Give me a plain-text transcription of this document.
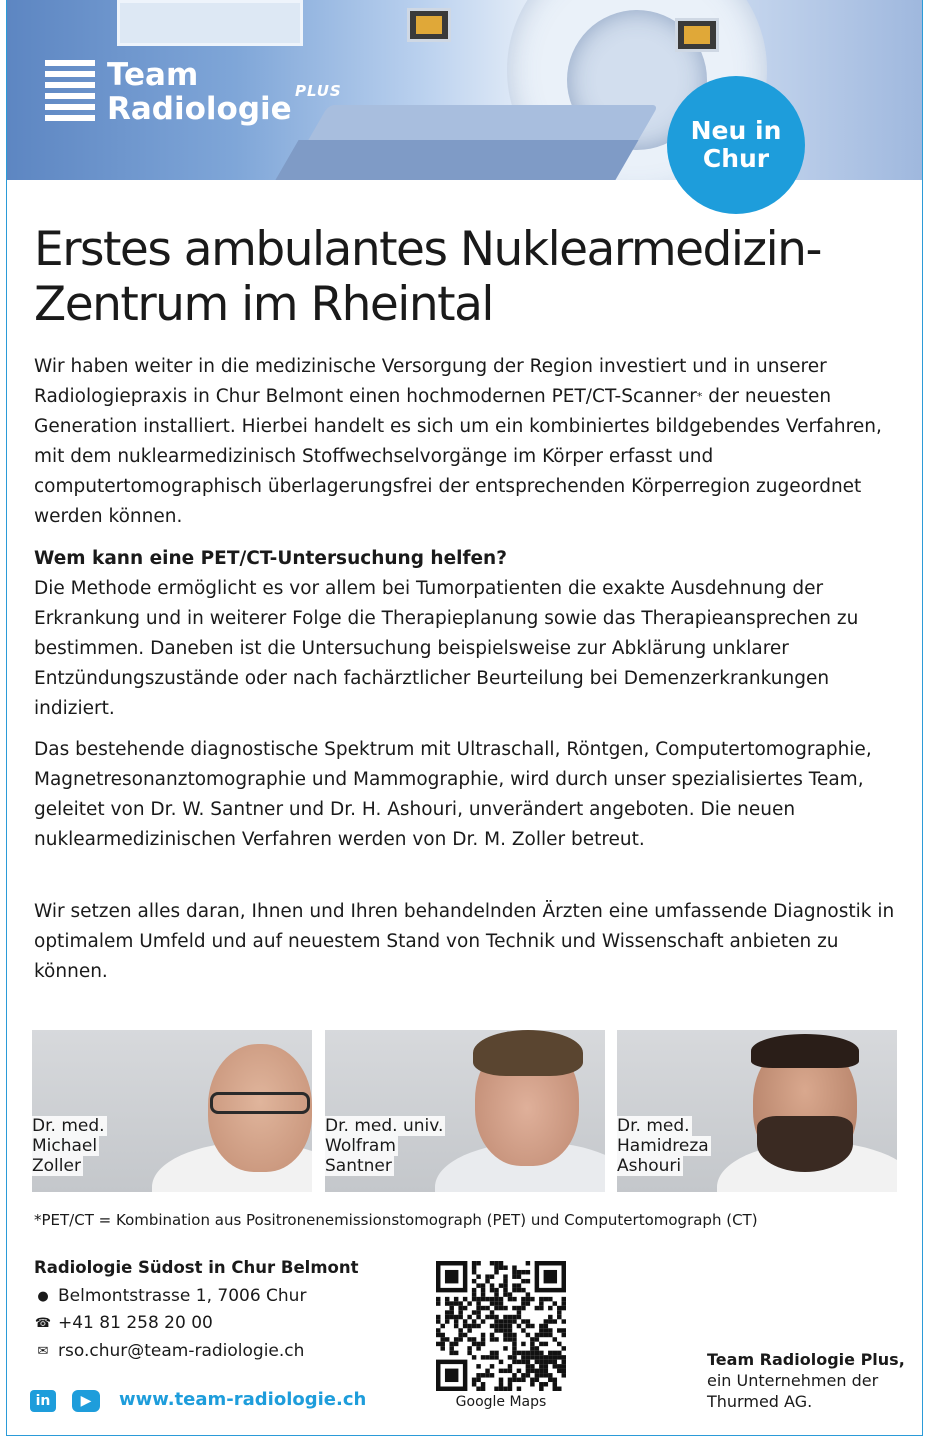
Team
Radiologie PLUS
Neu in
Chur
Erstes ambulantes Nuklearmedizin-
Zentrum im Rheintal

Wir haben weiter in die medizinische Versorgung der Region investiert und in unserer Radiologiepraxis in Chur Belmont einen hochmodernen PET/CT-Scanner* der neuesten Generation installiert. Hierbei handelt es sich um ein kombiniertes bildgebendes Verfahren, mit dem nuklearmedizinisch Stoffwechselvorgänge im Körper erfasst und computertomographisch überlagerungsfrei der entsprechenden Körperregion zugeordnet werden können.

Wem kann eine PET/CT-Untersuchung helfen?
Die Methode ermöglicht es vor allem bei Tumorpatienten die exakte Ausdehnung der Erkrankung und in weiterer Folge die Therapieplanung sowie das Therapieansprechen zu bestimmen. Daneben ist die Untersuchung beispielsweise zur Abklärung unklarer Entzündungszustände oder nach fachärztlicher Beurteilung bei Demenzerkrankungen indiziert.

Das bestehende diagnostische Spektrum mit Ultraschall, Röntgen, Computertomographie, Magnetresonanztomographie und Mammographie, wird durch unser spezialisiertes Team, geleitet von Dr. W. Santner und Dr. H. Ashouri, unverändert angeboten. Die neuen nuklearmedizinischen Verfahren werden von Dr. M. Zoller betreut.

Wir setzen alles daran, Ihnen und Ihren behandelnden Ärzten eine umfassende Diagnostik in optimalem Umfeld und auf neuestem Stand von Technik und Wissenschaft anbieten zu können.

Dr. med.
Michael
Zoller
Dr. med. univ.
Wolfram
Santner
Dr. med.
Hamidreza
Ashouri
*PET/CT = Kombination aus Positronenemissionstomograph (PET) und Computertomograph (CT)
Radiologie Südost in Chur Belmont
● Belmontstrasse 1, 7006 Chur
☎ +41 81 258 20 00
✉ rso.chur@team-radiologie.ch
in	▶	www.team-radiologie.ch	Google Maps
Team Radiologie Plus,
ein Unternehmen der
Thurmed AG.
